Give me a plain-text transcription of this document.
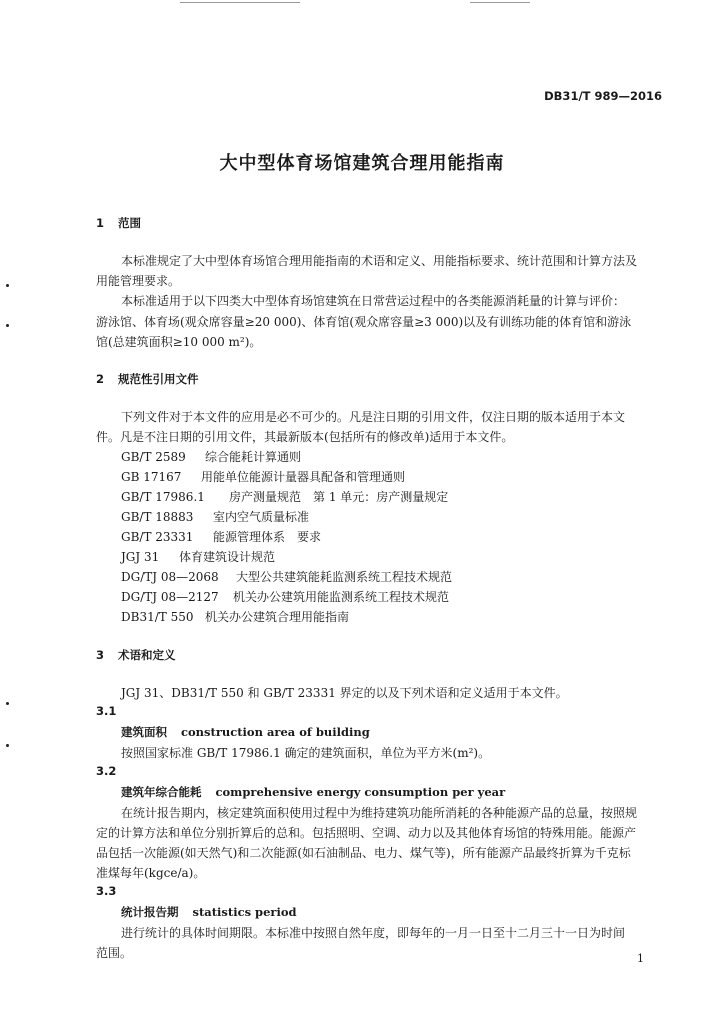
DB31/T 989—2016
大中型体育场馆建筑合理用能指南
1 范围
本标准规定了大中型体育场馆合理用能指南的术语和定义、用能指标要求、统计范围和计算方法及
用能管理要求。
本标准适用于以下四类大中型体育场馆建筑在日常营运过程中的各类能源消耗量的计算与评价：
游泳馆、体育场(观众席容量≥20 000)、体育馆(观众席容量≥3 000)以及有训练功能的体育馆和游泳
馆(总建筑面积≥10 000 m²)。
2 规范性引用文件
下列文件对于本文件的应用是必不可少的。凡是注日期的引用文件，仅注日期的版本适用于本文
件。凡是不注日期的引用文件，其最新版本(包括所有的修改单)适用于本文件。
GB/T 2589 综合能耗计算通则
GB 17167 用能单位能源计量器具配备和管理通则
GB/T 17986.1 房产测量规范　第 1 单元：房产测量规定
GB/T 18883 室内空气质量标准
GB/T 23331 能源管理体系　要求
JGJ 31 体育建筑设计规范
DG/TJ 08—2068 大型公共建筑能耗监测系统工程技术规范
DG/TJ 08—2127 机关办公建筑用能监测系统工程技术规范
DB31/T 550 机关办公建筑合理用能指南
3 术语和定义
JGJ 31、DB31/T 550 和 GB/T 23331 界定的以及下列术语和定义适用于本文件。
3.1
建筑面积 construction area of building
按照国家标准 GB/T 17986.1 确定的建筑面积，单位为平方米(m²)。
3.2
建筑年综合能耗 comprehensive energy consumption per year
在统计报告期内，核定建筑面积使用过程中为维持建筑功能所消耗的各种能源产品的总量，按照规
定的计算方法和单位分别折算后的总和。包括照明、空调、动力以及其他体育场馆的特殊用能。能源产
品包括一次能源(如天然气)和二次能源(如石油制品、电力、煤气等)，所有能源产品最终折算为千克标
准煤每年(kgce/a)。
3.3
统计报告期 statistics period
进行统计的具体时间期限。本标准中按照自然年度，即每年的一月一日至十二月三十一日为时间
范围。	1
